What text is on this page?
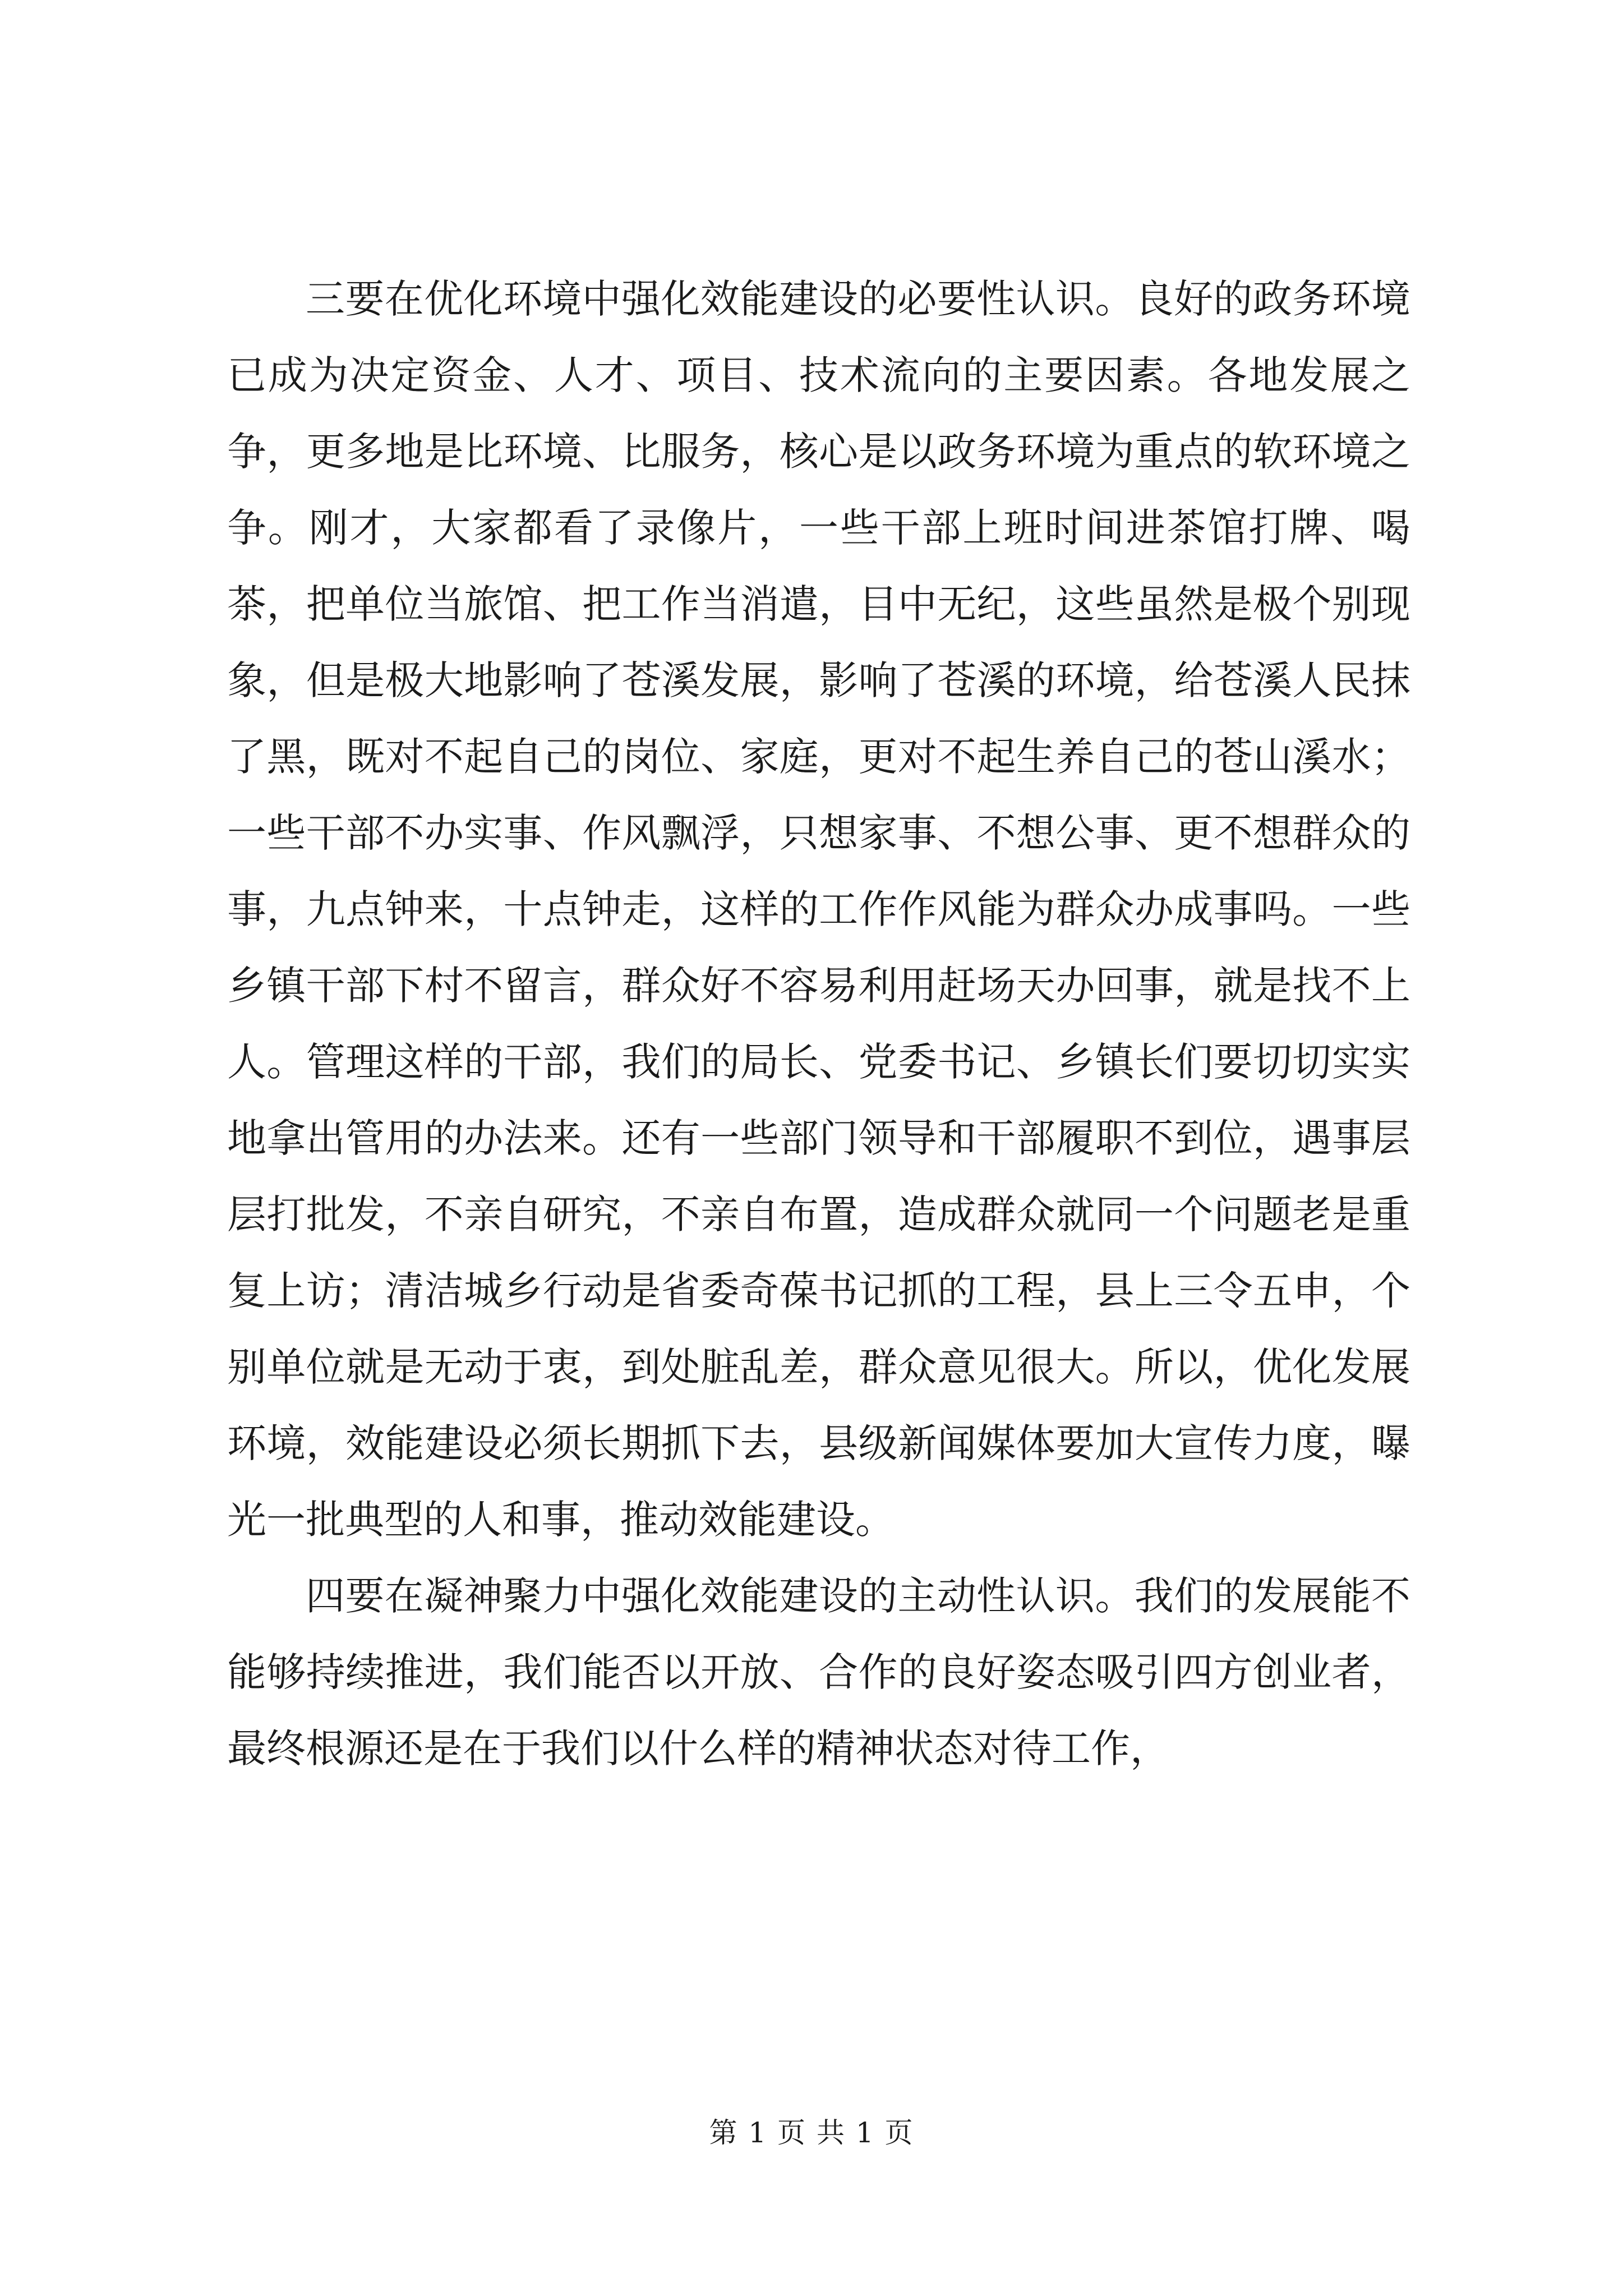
三要在优化环境中强化效能建设的必要性认识。良好的政务环境已成为决定资金、人才、项目、技术流向的主要因素。各地发展之争，更多地是比环境、比服务，核心是以政务环境为重点的软环境之争。刚才，大家都看了录像片，一些干部上班时间进茶馆打牌、喝茶，把单位当旅馆、把工作当消遣，目中无纪，这些虽然是极个别现象，但是极大地影响了苍溪发展，影响了苍溪的环境，给苍溪人民抹了黑，既对不起自己的岗位、家庭，更对不起生养自己的苍山溪水；一些干部不办实事、作风飘浮，只想家事、不想公事、更不想群众的事，九点钟来，十点钟走，这样的工作作风能为群众办成事吗。一些乡镇干部下村不留言，群众好不容易利用赶场天办回事，就是找不上人。管理这样的干部，我们的局长、党委书记、乡镇长们要切切实实地拿出管用的办法来。还有一些部门领导和干部履职不到位，遇事层层打批发，不亲自研究，不亲自布置，造成群众就同一个问题老是重复上访；清洁城乡行动是省委奇葆书记抓的工程，县上三令五申，个别单位就是无动于衷，到处脏乱差，群众意见很大。所以，优化发展环境，效能建设必须长期抓下去，县级新闻媒体要加大宣传力度，曝光一批典型的人和事，推动效能建设。

四要在凝神聚力中强化效能建设的主动性认识。我们的发展能不能够持续推进，我们能否以开放、合作的良好姿态吸引四方创业者，最终根源还是在于我们以什么样的精神状态对待工作，

第 1 页 共 1 页
